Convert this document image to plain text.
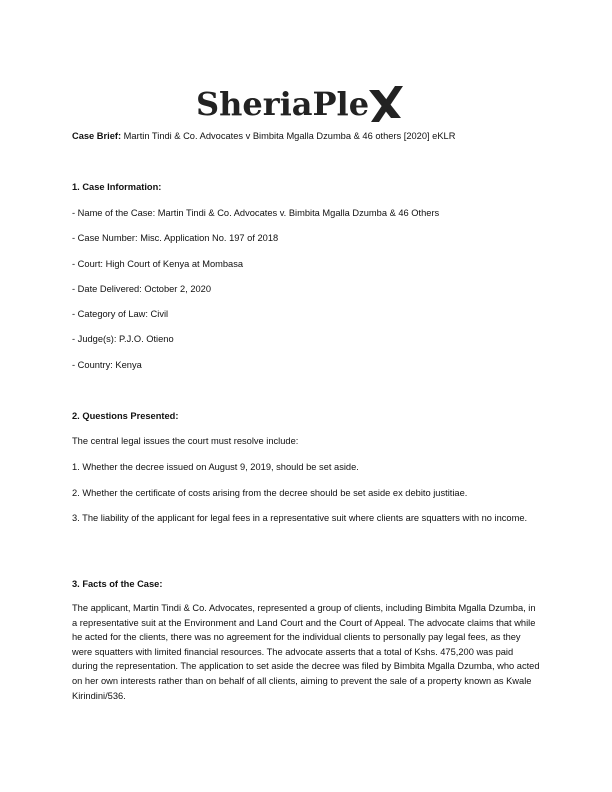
SheriaPle
Case Brief: Martin Tindi & Co. Advocates v Bimbita Mgalla Dzumba & 46 others [2020] eKLR
1. Case Information:
- Name of the Case: Martin Tindi & Co. Advocates v. Bimbita Mgalla Dzumba & 46 Others
- Case Number: Misc. Application No. 197 of 2018
- Court: High Court of Kenya at Mombasa
- Date Delivered: October 2, 2020
- Category of Law: Civil
- Judge(s): P.J.O. Otieno
- Country: Kenya
2. Questions Presented:
The central legal issues the court must resolve include:
1. Whether the decree issued on August 9, 2019, should be set aside.
2. Whether the certificate of costs arising from the decree should be set aside ex debito justitiae.
3. The liability of the applicant for legal fees in a representative suit where clients are squatters with no income.
3. Facts of the Case:
The applicant, Martin Tindi & Co. Advocates, represented a group of clients, including Bimbita Mgalla Dzumba, in a representative suit at the Environment and Land Court and the Court of Appeal. The advocate claims that while he acted for the clients, there was no agreement for the individual clients to personally pay legal fees, as they were squatters with limited financial resources. The advocate asserts that a total of Kshs. 475,200 was paid during the representation. The application to set aside the decree was filed by Bimbita Mgalla Dzumba, who acted on her own interests rather than on behalf of all clients, aiming to prevent the sale of a property known as Kwale Kirindini/536.
